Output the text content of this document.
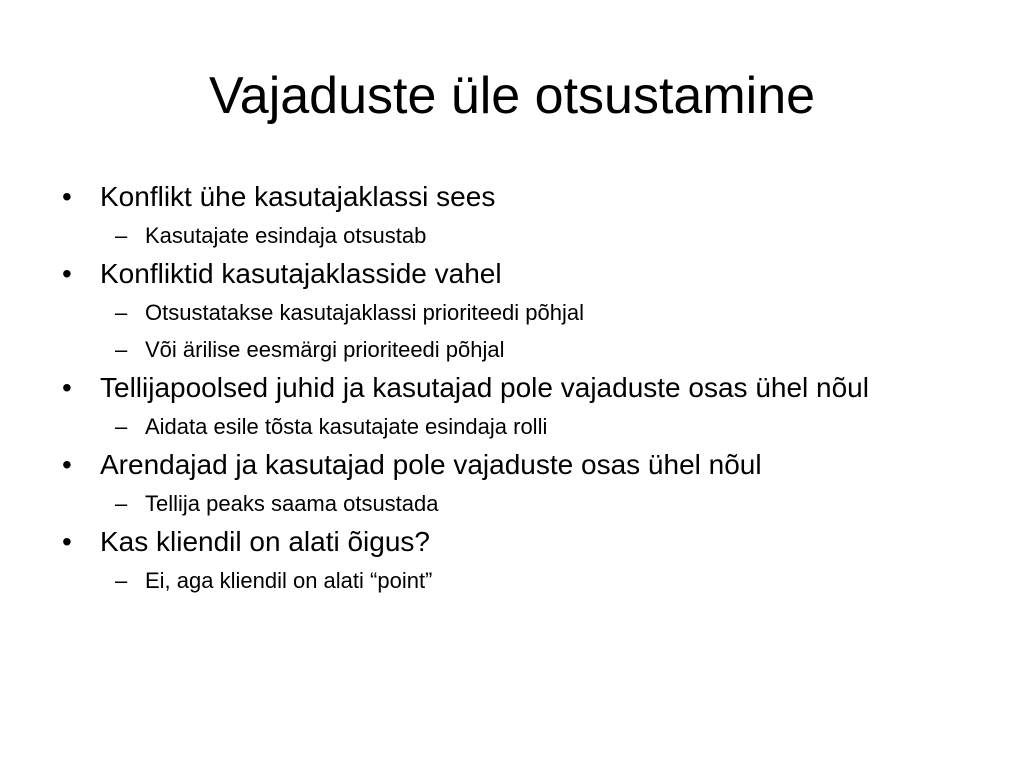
Vajaduste üle otsustamine
•	Konflikt ühe kasutajaklassi sees
– Kasutajate esindaja otsustab
•	Konfliktid kasutajaklasside vahel
– Otsustatakse kasutajaklassi prioriteedi põhjal
– Või ärilise eesmärgi prioriteedi põhjal
•	Tellijapoolsed juhid ja kasutajad pole vajaduste osas ühel nõul
– Aidata esile tõsta kasutajate esindaja rolli
•	Arendajad ja kasutajad pole vajaduste osas ühel nõul
– Tellija peaks saama otsustada
•	Kas kliendil on alati õigus?
– Ei, aga kliendil on alati “point”
